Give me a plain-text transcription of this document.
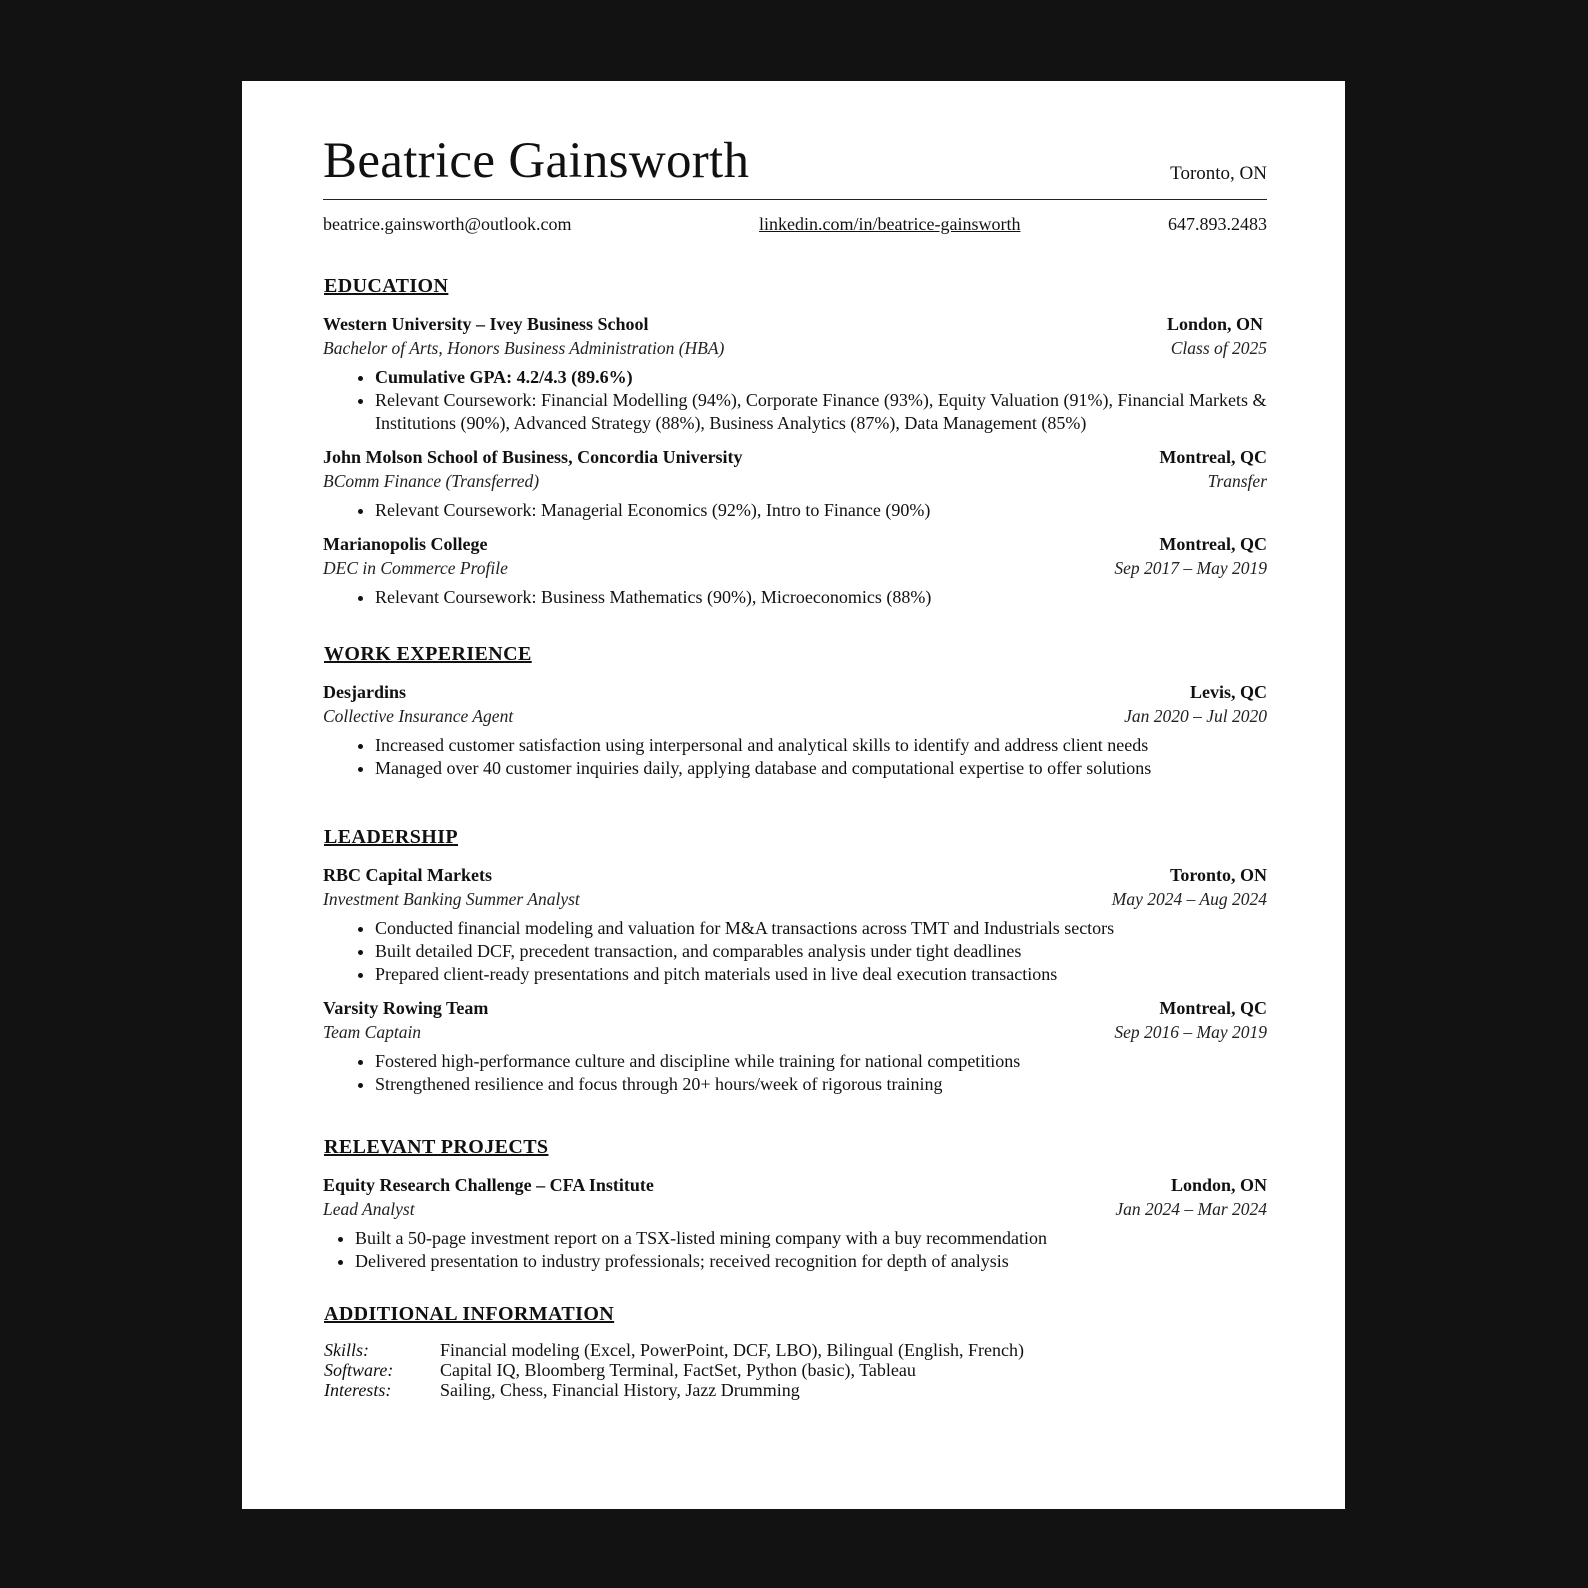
Beatrice Gainsworth	Toronto, ON
beatrice.gainsworth@outlook.com	linkedin.com/in/beatrice-gainsworth	647.893.2483
EDUCATION
Western University – Ivey Business School	London, ON
Bachelor of Arts, Honors Business Administration (HBA)	Class of 2025
• Cumulative GPA: 4.2/4.3 (89.6%)
• Relevant Coursework: Financial Modelling (94%), Corporate Finance (93%), Equity Valuation (91%), Financial Markets & Institutions (90%), Advanced Strategy (88%), Business Analytics (87%), Data Management (85%)
John Molson School of Business, Concordia University	Montreal, QC
BComm Finance (Transferred)	Transfer
• Relevant Coursework: Managerial Economics (92%), Intro to Finance (90%)
Marianopolis College	Montreal, QC
DEC in Commerce Profile	Sep 2017 – May 2019
• Relevant Coursework: Business Mathematics (90%), Microeconomics (88%)
WORK EXPERIENCE
Desjardins	Levis, QC
Collective Insurance Agent	Jan 2020 – Jul 2020
• Increased customer satisfaction using interpersonal and analytical skills to identify and address client needs
• Managed over 40 customer inquiries daily, applying database and computational expertise to offer solutions
LEADERSHIP
RBC Capital Markets	Toronto, ON
Investment Banking Summer Analyst	May 2024 – Aug 2024
• Conducted financial modeling and valuation for M&A transactions across TMT and Industrials sectors
• Built detailed DCF, precedent transaction, and comparables analysis under tight deadlines
• Prepared client-ready presentations and pitch materials used in live deal execution transactions
Varsity Rowing Team	Montreal, QC
Team Captain	Sep 2016 – May 2019
• Fostered high-performance culture and discipline while training for national competitions
• Strengthened resilience and focus through 20+ hours/week of rigorous training
RELEVANT PROJECTS
Equity Research Challenge – CFA Institute	London, ON
Lead Analyst	Jan 2024 – Mar 2024
• Built a 50-page investment report on a TSX-listed mining company with a buy recommendation
• Delivered presentation to industry professionals; received recognition for depth of analysis
ADDITIONAL INFORMATION
Skills:	Financial modeling (Excel, PowerPoint, DCF, LBO), Bilingual (English, French)
Software:	Capital IQ, Bloomberg Terminal, FactSet, Python (basic), Tableau
Interests:	Sailing, Chess, Financial History, Jazz Drumming
